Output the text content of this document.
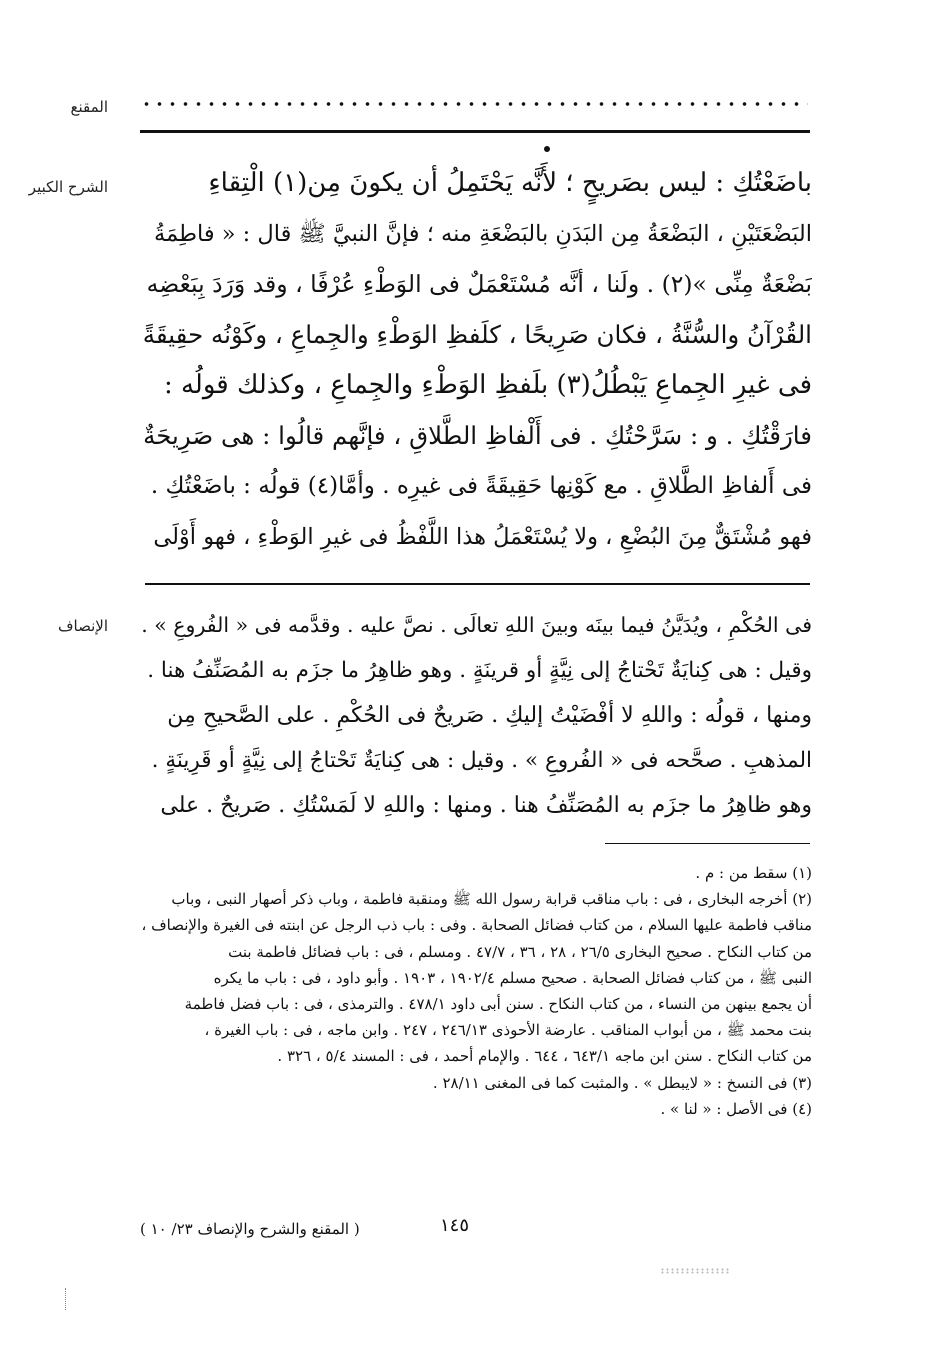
المقنع
الشرح الكبير	باضَعْتُكِ : ليس بصَريحٍ ؛ لأَنَّه يَحْتَمِلُ أن يكونَ مِن(١) الْتِقاءِ

البَضْعَتَيْنِ ، البَضْعَةُ مِن البَدَنِ بالبَضْعَةِ منه ؛ فإنَّ النبيَّ ﷺ قال : « فاطِمَةُ

بَضْعَةٌ مِنِّى »(٢) . ولَنا ، أنَّه مُسْتَعْمَلٌ فى الوَطْءِ عُرْفًا ، وقد وَرَدَ بِبَعْضِه

القُرْآنُ والسُّنَّةُ ، فكان صَرِيحًا ، كلَفظِ الوَطْءِ والجِماعِ ، وكَوْنُه حقِيقَةً

فى غيرِ الجِماعِ يَبْطُلُ(٣) بلَفظِ الوَطْءِ والجِماعِ ، وكذلك قولُه :

فارَقْتُكِ . و : سَرَّحْتُكِ . فى أَلْفاظِ الطَّلاقِ ، فإنَّهم قالُوا : هى صَرِيحَةٌ

فى أَلفاظِ الطَّلاقِ . مع كَوْنِها حَقِيقَةً فى غيرِه . وأمَّا(٤) قولُه : باضَعْتُكِ .

فهو مُشْتَقٌّ مِنَ البُضْعِ ، ولا يُسْتَعْمَلُ هذا اللَّفْظُ فى غيرِ الوَطْءِ ، فهو أَوْلَى

الإنصاف فى الحُكْمِ ، ويُدَيَّنُ فيما بينَه وبينَ اللهِ تعالَى . نصَّ عليه . وقدَّمه فى « الفُروعِ » .

وقيل : هى كِنايَةٌ تَحْتاجُ إلى نِيَّةٍ أو قرينَةٍ . وهو ظاهِرُ ما جزَم به المُصَنِّفُ هنا .

ومنها ، قولُه : واللهِ لا أفْضَيْتُ إليكِ . صَريحٌ فى الحُكْمِ . على الصَّحيحِ مِن

المذهبِ . صحَّحه فى « الفُروعِ » . وقيل : هى كِنايَةٌ تَحْتاجُ إلى نِيَّةٍ أو قَرِينَةٍ .

وهو ظاهِرُ ما جزَم به المُصَنِّفُ هنا . ومنها : واللهِ لا لَمَسْتُكِ . صَريحٌ . على

(١) سقط من : م .

(٢) أخرجه البخارى ، فى : باب مناقب قرابة رسول الله ﷺ ومنقبة فاطمة ، وباب ذكر أصهار النبى ، وباب

مناقب فاطمة عليها السلام ، من كتاب فضائل الصحابة . وفى : باب ذب الرجل عن ابنته فى الغيرة والإنصاف ،

من كتاب النكاح . صحيح البخارى ٢٦/٥ ، ٢٨ ، ٣٦ ، ٤٧/٧ . ومسلم ، فى : باب فضائل فاطمة بنت

النبى ﷺ ، من كتاب فضائل الصحابة . صحيح مسلم ١٩٠٢/٤ ، ١٩٠٣ . وأبو داود ، فى : باب ما يكره

أن يجمع بينهن من النساء ، من كتاب النكاح . سنن أبى داود ٤٧٨/١ . والترمذى ، فى : باب فضل فاطمة

بنت محمد ﷺ ، من أبواب المناقب . عارضة الأحوذى ٢٤٦/١٣ ، ٢٤٧ . وابن ماجه ، فى : باب الغيرة ،

من كتاب النكاح . سنن ابن ماجه ٦٤٣/١ ، ٦٤٤ . والإمام أحمد ، فى : المسند ٥/٤ ، ٣٢٦ .

(٣) فى النسخ : « لايبطل » . والمثبت كما فى المغنى ٢٨/١١ .

(٤) فى الأصل : « لنا » .

١٤٥
( المقنع والشرح والإنصاف ٢٣/ ١٠ )
